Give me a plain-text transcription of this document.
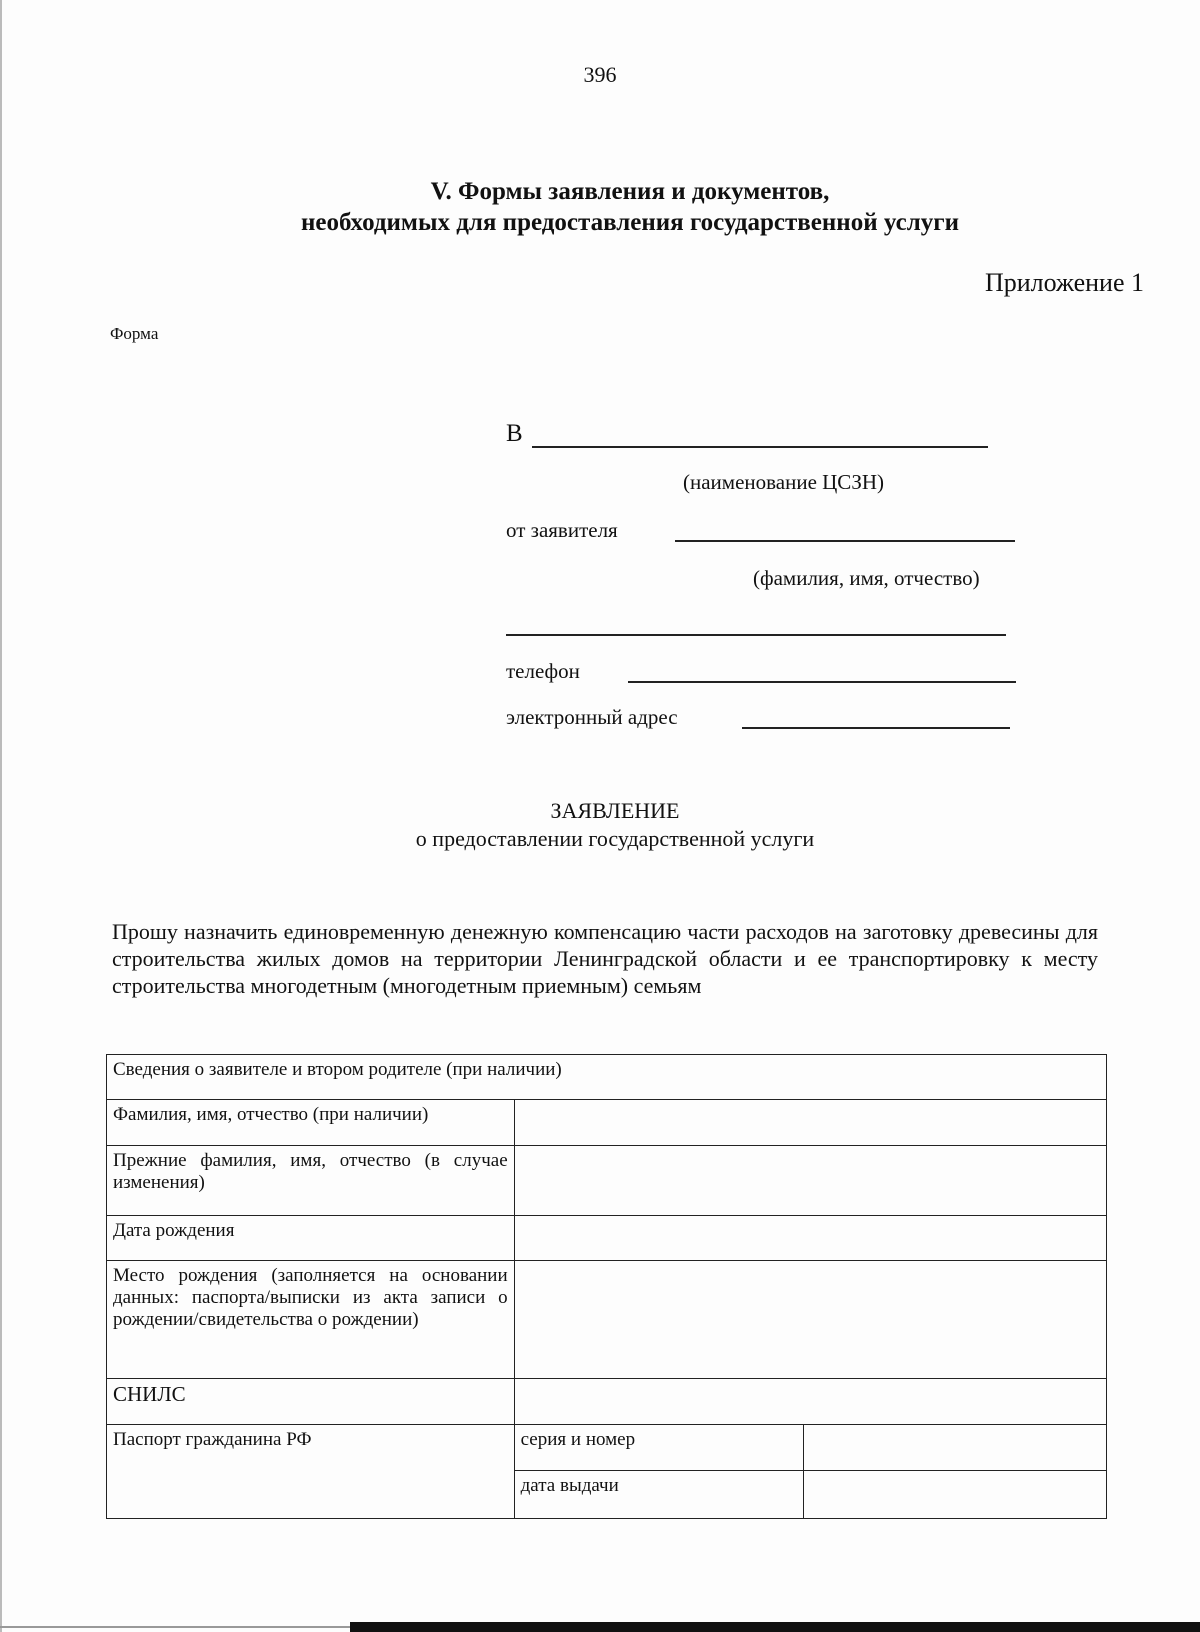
396
V. Формы заявления и документов,
необходимых для предоставления государственной услуги
Приложение 1
Форма
В
(наименование ЦСЗН)
от заявителя
(фамилия, имя, отчество)
телефон
электронный адрес
ЗАЯВЛЕНИЕ
о предоставлении государственной услуги
Прошу назначить единовременную денежную компенсацию части расходов на заготовку древесины для строительства жилых домов на территории Ленинградской области и ее транспортировку к месту строительства многодетным (многодетным приемным) семьям
Сведения о заявителе и втором родителе (при наличии)		
Фамилия, имя, отчество (при наличии)		
Прежние фамилия, имя, отчество (в случае изменения)		
Дата рождения		
Место рождения (заполняется на основании данных: паспорта/выписки из акта записи о рождении/свидетельства о рождении)		
СНИЛС		
Паспорт гражданина РФ	серия и номер	
	дата выдачи	
